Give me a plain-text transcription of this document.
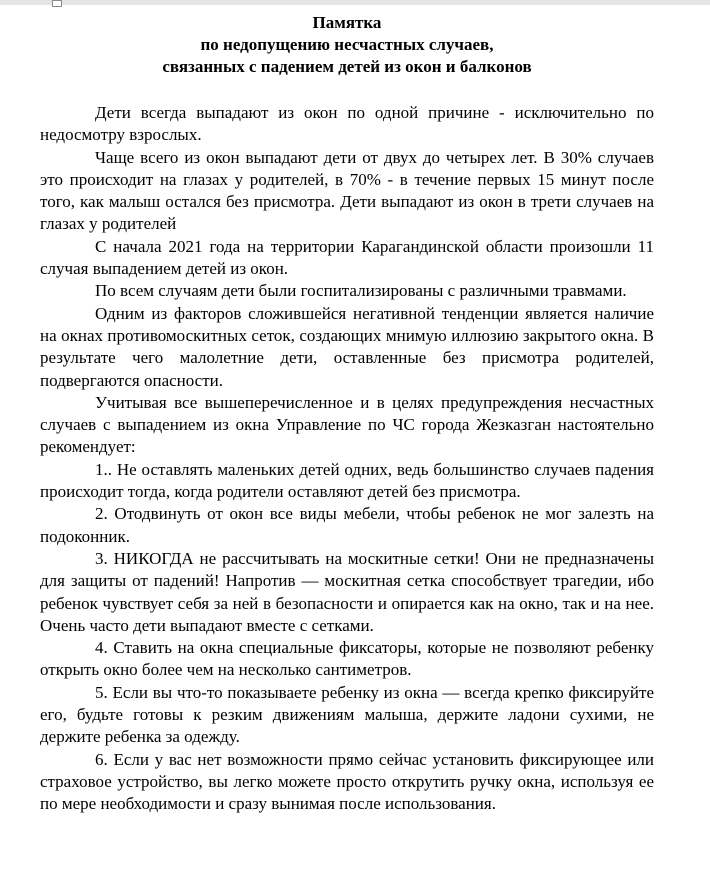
Памятка
по недопущению несчастных случаев,
связанных с падением детей из окон и балконов

Дети всегда выпадают из окон по одной причине - исключительно по недосмотру взрослых.

Чаще всего из окон выпадают дети от двух до четырех лет. В 30% случаев это происходит на глазах у родителей, в 70% - в течение первых 15 минут после того, как малыш остался без присмотра. Дети выпадают из окон в трети случаев на глазах у родителей

С начала 2021 года на территории Карагандинской области произошли 11 случая выпадением детей из окон.

По всем случаям дети были госпитализированы с различными травмами.

Одним из факторов сложившейся негативной тенденции является наличие на окнах противомоскитных сеток, создающих мнимую иллюзию закрытого окна. В результате чего малолетние дети, оставленные без присмотра родителей, подвергаются опасности.

Учитывая все вышеперечисленное и в целях предупреждения несчастных случаев с выпадением из окна Управление по ЧС города Жезказган настоятельно рекомендует:

1.. Не оставлять маленьких детей одних, ведь большинство случаев падения происходит тогда, когда родители оставляют детей без присмотра.

2. Отодвинуть от окон все виды мебели, чтобы ребенок не мог залезть на подоконник.

3. НИКОГДА не рассчитывать на москитные сетки! Они не предназначены для защиты от падений! Напротив — москитная сетка способствует трагедии, ибо ребенок чувствует себя за ней в безопасности и опирается как на окно, так и на нее. Очень часто дети выпадают вместе с сетками.

4. Ставить на окна специальные фиксаторы, которые не позволяют ребенку открыть окно более чем на несколько сантиметров.

5. Если вы что-то показываете ребенку из окна — всегда крепко фиксируйте его, будьте готовы к резким движениям малыша, держите ладони сухими, не держите ребенка за одежду.

6. Если у вас нет возможности прямо сейчас установить фиксирующее или страховое устройство, вы легко можете просто открутить ручку окна, используя ее по мере необходимости и сразу вынимая после использования.
